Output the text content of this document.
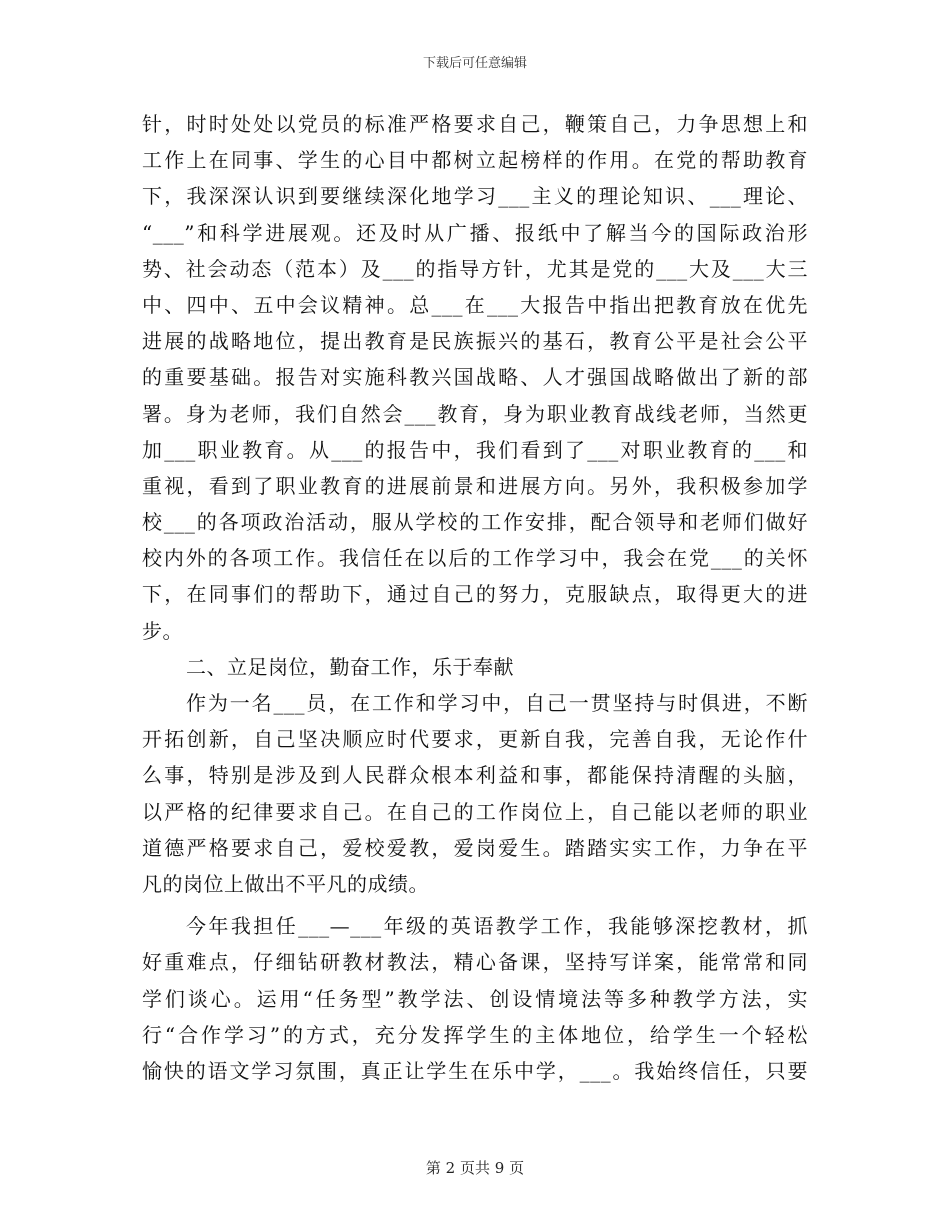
下载后可任意编辑
针，时时处处以党员的标准严格要求自己，鞭策自己，力争思想上和
工作上在同事、学生的心目中都树立起榜样的作用。在党的帮助教育
下，我深深认识到要继续深化地学习___主义的理论知识、___理论、
“___”和科学进展观。还及时从广播、报纸中了解当今的国际政治形
势、社会动态（范本）及___的指导方针，尤其是党的___大及___大三
中、四中、五中会议精神。总___在___大报告中指出把教育放在优先
进展的战略地位，提出教育是民族振兴的基石，教育公平是社会公平
的重要基础。报告对实施科教兴国战略、人才强国战略做出了新的部
署。身为老师，我们自然会___教育，身为职业教育战线老师，当然更
加___职业教育。从___的报告中，我们看到了___对职业教育的___和
重视，看到了职业教育的进展前景和进展方向。另外，我积极参加学
校___的各项政治活动，服从学校的工作安排，配合领导和老师们做好
校内外的各项工作。我信任在以后的工作学习中，我会在党___的关怀
下，在同事们的帮助下，通过自己的努力，克服缺点，取得更大的进
步。
二、立足岗位，勤奋工作，乐于奉献
作为一名___员，在工作和学习中，自己一贯坚持与时俱进，不断
开拓创新，自己坚决顺应时代要求，更新自我，完善自我，无论作什
么事，特别是涉及到人民群众根本利益和事，都能保持清醒的头脑，
以严格的纪律要求自己。在自己的工作岗位上，自己能以老师的职业
道德严格要求自己，爱校爱教，爱岗爱生。踏踏实实工作，力争在平
凡的岗位上做出不平凡的成绩。
今年我担任___—___年级的英语教学工作，我能够深挖教材，抓
好重难点，仔细钻研教材教法，精心备课，坚持写详案，能常常和同
学们谈心。运用“任务型”教学法、创设情境法等多种教学方法，实
行“合作学习”的方式，充分发挥学生的主体地位，给学生一个轻松
愉快的语文学习氛围，真正让学生在乐中学，___。我始终信任，只要
第 2 页共 9 页
